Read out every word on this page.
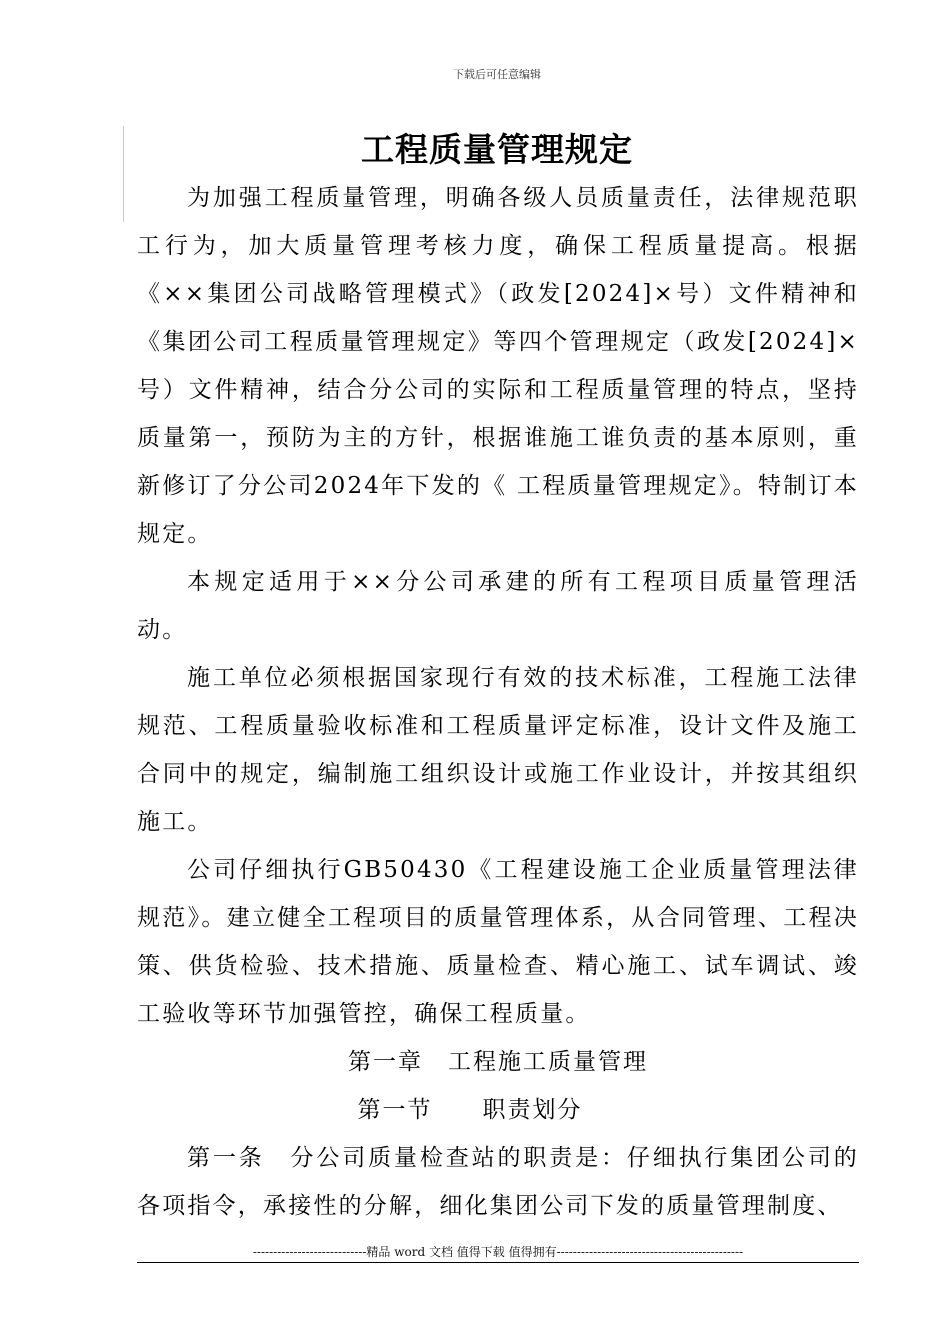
下载后可任意编辑
工程质量管理规定

为加强工程质量管理，明确各级人员质量责任，法律规范职工行为，加大质量管理考核力度，确保工程质量提高。根据《××集团公司战略管理模式》（政发[2024]×号）文件精神和《集团公司工程质量管理规定》等四个管理规定（政发[2024]×号）文件精神，结合分公司的实际和工程质量管理的特点，坚持质量第一，预防为主的方针，根据谁施工谁负责的基本原则，重新修订了分公司2024年下发的《 工程质量管理规定》。特制订本规定。

本规定适用于××分公司承建的所有工程项目质量管理活动。

施工单位必须根据国家现行有效的技术标准，工程施工法律规范、工程质量验收标准和工程质量评定标准，设计文件及施工合同中的规定，编制施工组织设计或施工作业设计，并按其组织施工。

公司仔细执行GB50430《工程建设施工企业质量管理法律规范》。建立健全工程项目的质量管理体系，从合同管理、工程决策、供货检验、技术措施、质量检查、精心施工、试车调试、竣工验收等环节加强管控，确保工程质量。

第一章　工程施工质量管理

第一节　　职责划分

第一条　分公司质量检查站的职责是：仔细执行集团公司的各项指令，承接性的分解，细化集团公司下发的质量管理制度、

----------------------------精品 word 文档 值得下载 值得拥有----------------------------------------------
